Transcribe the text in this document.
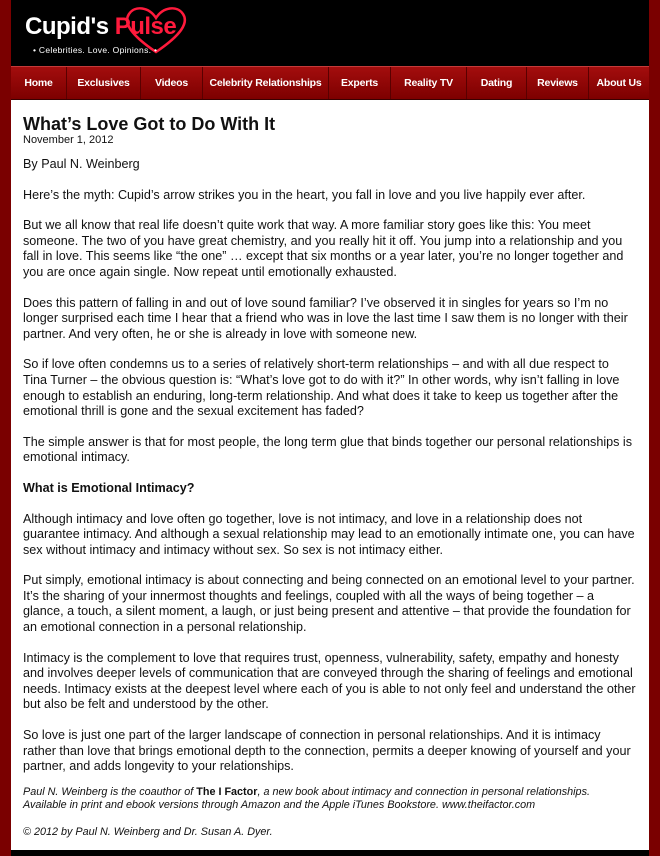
Cupid's Pulse
• Celebrities. Love. Opinions. •
Home	Exclusives	Videos	Celebrity Relationships	Experts	Reality TV	Dating	Reviews	About Us
What’s Love Got to Do With It
November 1, 2012

By Paul N. Weinberg

Here’s the myth: Cupid’s arrow strikes you in the heart, you fall in love and you live happily ever after.

But we all know that real life doesn’t quite work that way. A more familiar story goes like this: You meet someone. The two of you have great chemistry, and you really hit it off. You jump into a relationship and you fall in love. This seems like “the one” … except that six months or a year later, you’re no longer together and you are once again single. Now repeat until emotionally exhausted.

Does this pattern of falling in and out of love sound familiar? I’ve observed it in singles for years so I’m no longer surprised each time I hear that a friend who was in love the last time I saw them is no longer with their partner. And very often, he or she is already in love with someone new.

So if love often condemns us to a series of relatively short-term relationships – and with all due respect to Tina Turner – the obvious question is: “What’s love got to do with it?” In other words, why isn’t falling in love enough to establish an enduring, long-term relationship. And what does it take to keep us together after the emotional thrill is gone and the sexual excitement has faded?

The simple answer is that for most people, the long term glue that binds together our personal relationships is emotional intimacy.

What is Emotional Intimacy?

Although intimacy and love often go together, love is not intimacy, and love in a relationship does not guarantee intimacy. And although a sexual relationship may lead to an emotionally intimate one, you can have sex without intimacy and intimacy without sex. So sex is not intimacy either.

Put simply, emotional intimacy is about connecting and being connected on an emotional level to your partner. It’s the sharing of your innermost thoughts and feelings, coupled with all the ways of being together – a glance, a touch, a silent moment, a laugh, or just being present and attentive – that provide the foundation for an emotional connection in a personal relationship.

Intimacy is the complement to love that requires trust, openness, vulnerability, safety, empathy and honesty and involves deeper levels of communication that are conveyed through the sharing of feelings and emotional needs. Intimacy exists at the deepest level where each of you is able to not only feel and understand the other but also be felt and understood by the other.

So love is just one part of the larger landscape of connection in personal relationships. And it is intimacy rather than love that brings emotional depth to the connection, permits a deeper knowing of yourself and your partner, and adds longevity to your relationships.

Paul N. Weinberg is the coauthor of The I Factor, a new book about intimacy and connection in personal relationships. Available in print and ebook versions through Amazon and the Apple iTunes Bookstore. www.theifactor.com

© 2012 by Paul N. Weinberg and Dr. Susan A. Dyer.
